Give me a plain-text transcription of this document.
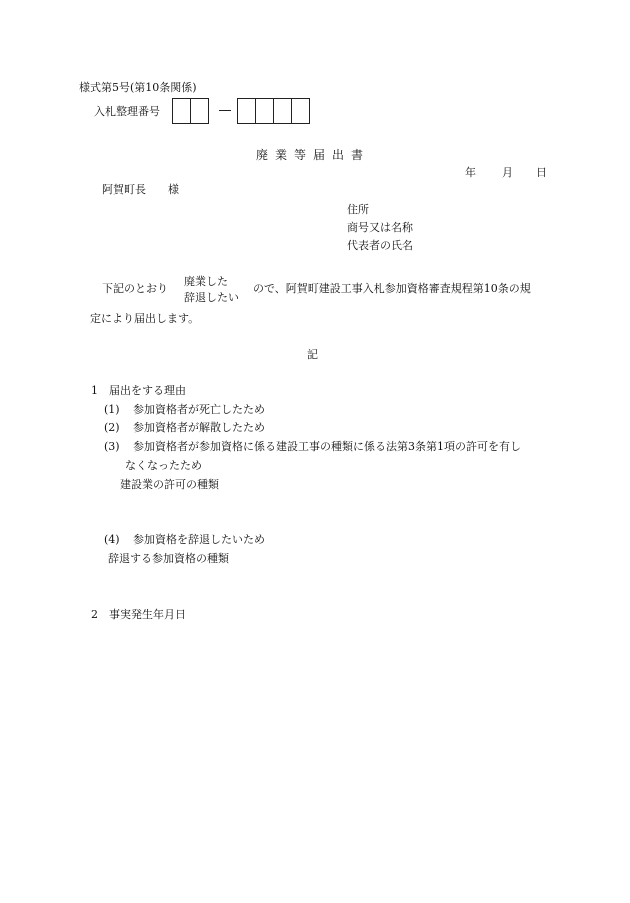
様式第5号(第10条関係)
入札整理番号
廃業等届出書
年 月 日
阿賀町長　　様
住所
商号又は名称
代表者の氏名
下記のとおり
廃業した
辞退したい
ので、阿賀町建設工事入札参加資格審査規程第10条の規
定により届出します。
記
1　届出をする理由
(1) 参加資格者が死亡したため
(2) 参加資格者が解散したため
(3) 参加資格者が参加資格に係る建設工事の種類に係る法第3条第1項の許可を有し
なくなったため
建設業の許可の種類
(4) 参加資格を辞退したいため
辞退する参加資格の種類
2　事実発生年月日
